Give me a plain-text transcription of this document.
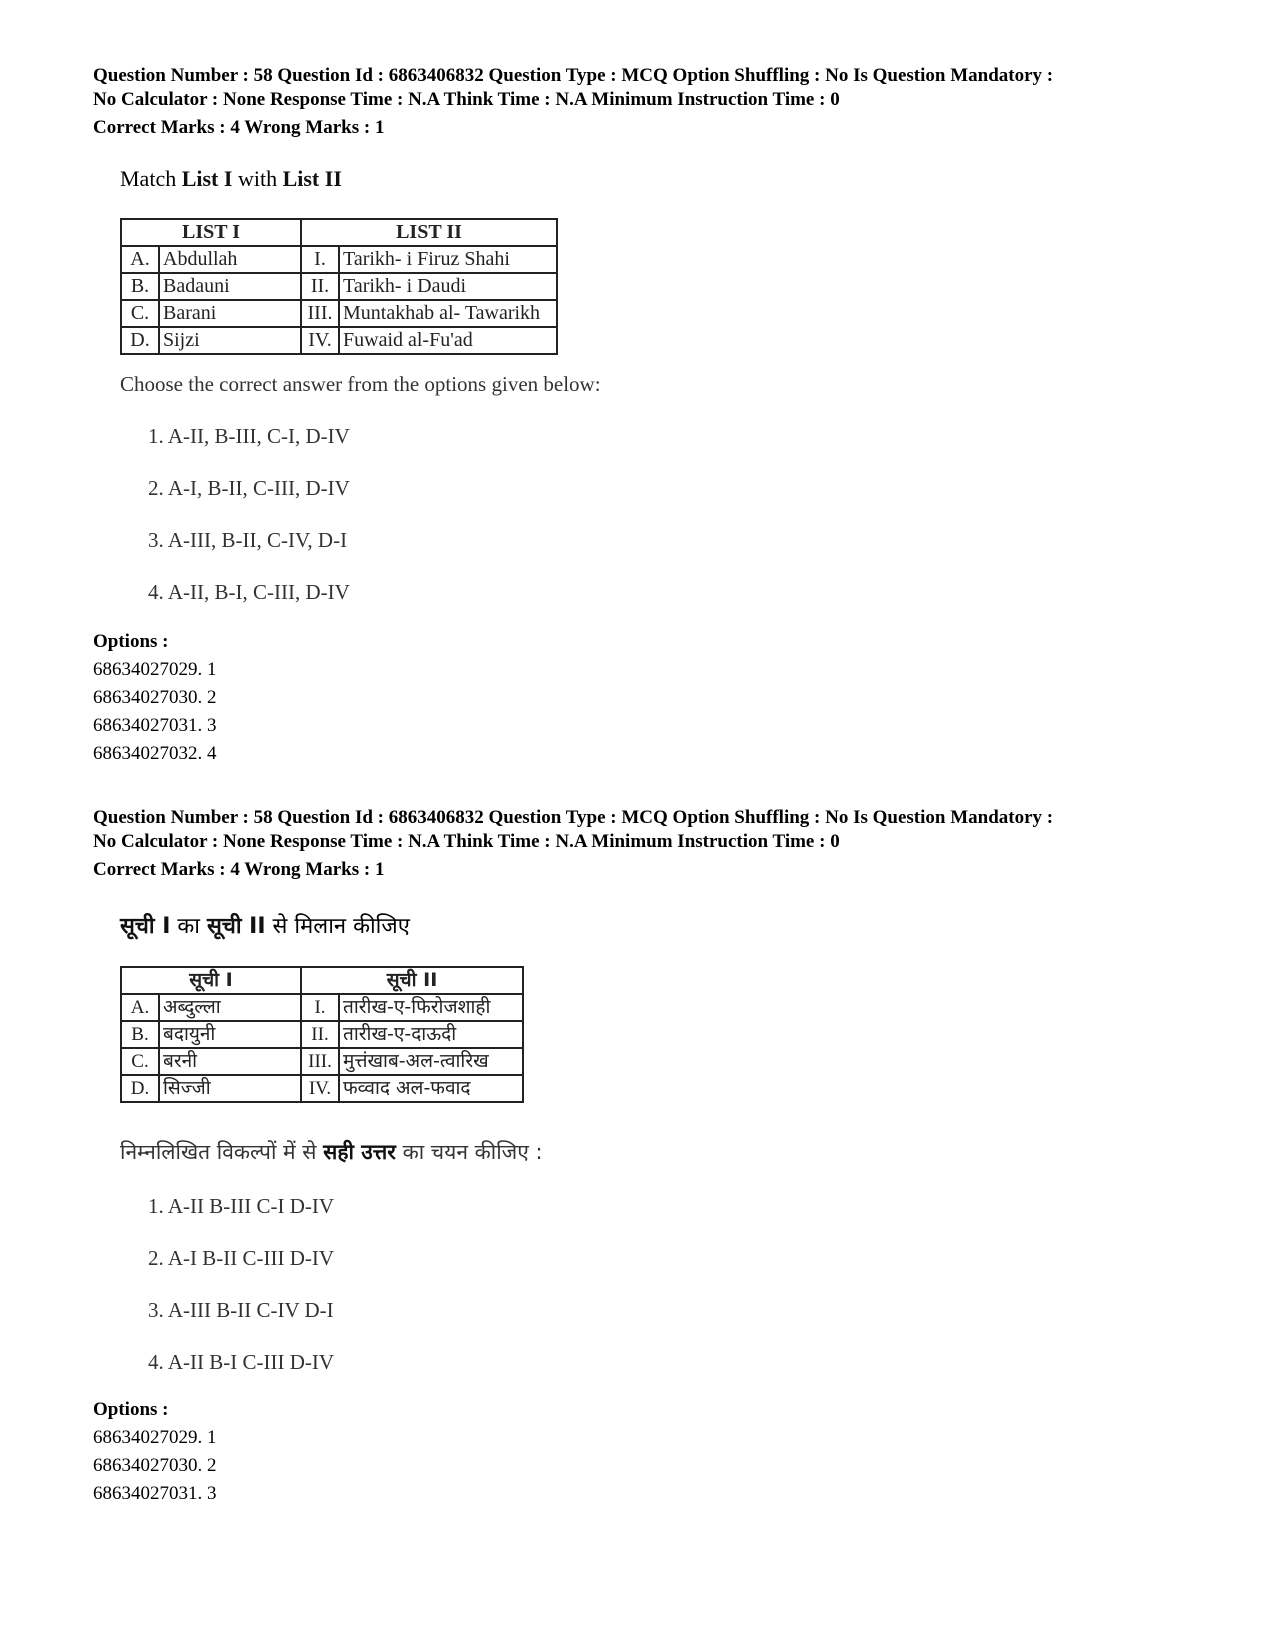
Question Number : 58 Question Id : 6863406832 Question Type : MCQ Option Shuffling : No Is Question Mandatory :

No Calculator : None Response Time : N.A Think Time : N.A Minimum Instruction Time : 0

Correct Marks : 4 Wrong Marks : 1

Match List I with List II
LIST I		LIST II	
A.	Abdullah	I.	Tarikh- i Firuz Shahi
B.	Badauni	II.	Tarikh- i Daudi
C.	Barani	III.	Muntakhab al- Tawarikh
D.	Sijzi	IV.	Fuwaid al-Fu'ad
Choose the correct answer from the options given below:
1. A-II, B-III, C-I, D-IV
2. A-I, B-II, C-III, D-IV
3. A-III, B-II, C-IV, D-I
4. A-II, B-I, C-III, D-IV
Options :
68634027029. 1
68634027030. 2
68634027031. 3
68634027032. 4

Question Number : 58 Question Id : 6863406832 Question Type : MCQ Option Shuffling : No Is Question Mandatory :

No Calculator : None Response Time : N.A Think Time : N.A Minimum Instruction Time : 0

Correct Marks : 4 Wrong Marks : 1

सूची I का सूची II से मिलान कीजिए
सूची I		सूची II	
A.	अब्दुल्ला	I.	तारीख-ए-फिरोजशाही
B.	बदायुनी	II.	तारीख-ए-दाऊदी
C.	बरनी	III.	मुत्तंखाब-अल-त्वारिख
D.	सिज्जी	IV.	फव्वाद अल-फवाद
निम्नलिखित विकल्पों में से सही उत्तर का चयन कीजिए :
1. A-II B-III C-I D-IV
2. A-I B-II C-III D-IV
3. A-III B-II C-IV D-I
4. A-II B-I C-III D-IV
Options :
68634027029. 1
68634027030. 2
68634027031. 3
